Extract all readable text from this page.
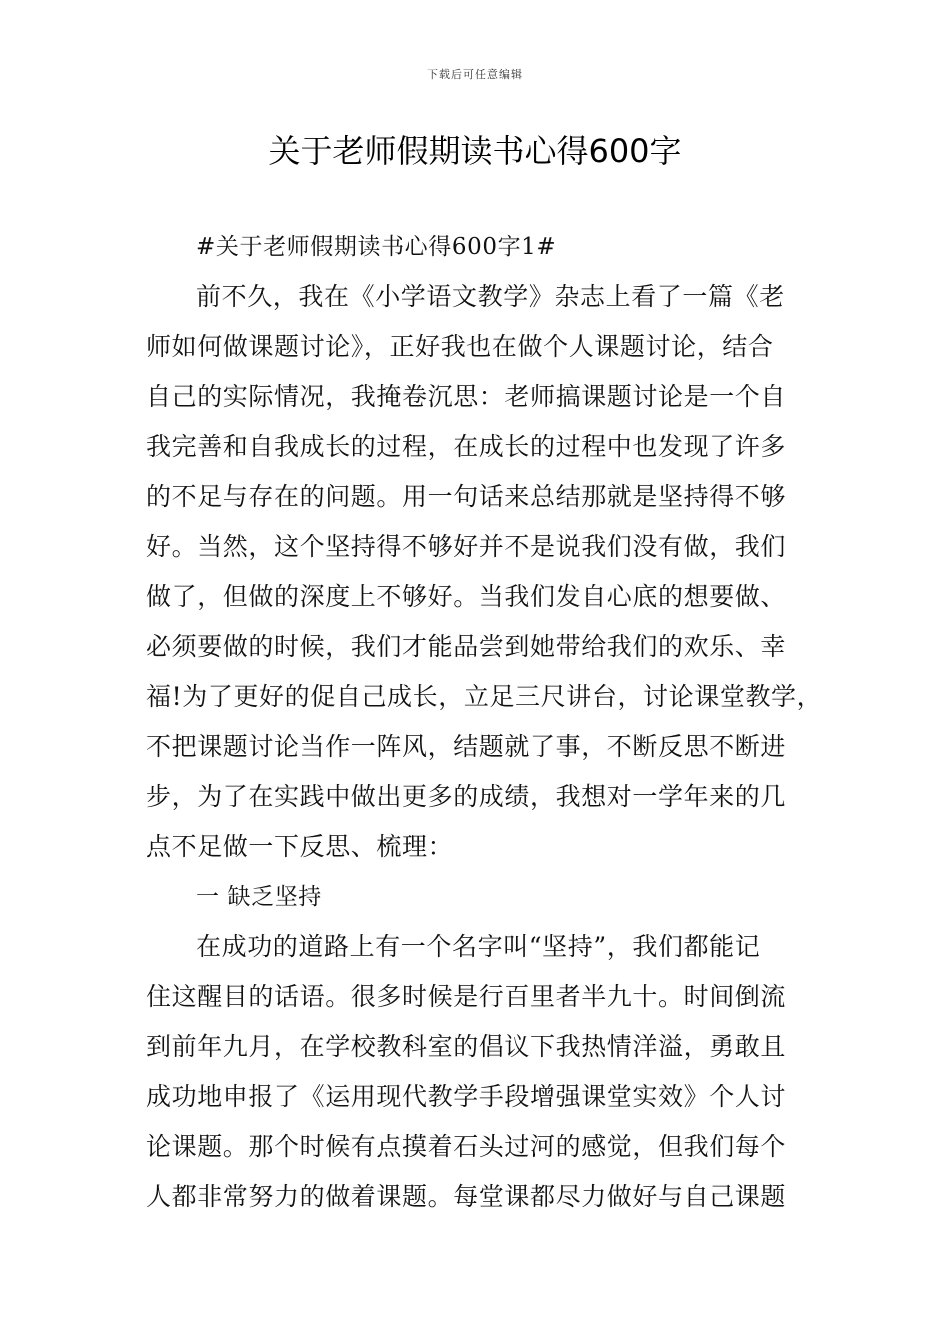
下载后可任意编辑
关于老师假期读书心得600字
#关于老师假期读书心得600字1#
前不久，我在《小学语文教学》杂志上看了一篇《老
师如何做课题讨论》，正好我也在做个人课题讨论，结合
自己的实际情况，我掩卷沉思：老师搞课题讨论是一个自
我完善和自我成长的过程，在成长的过程中也发现了许多
的不足与存在的问题。用一句话来总结那就是坚持得不够
好。当然，这个坚持得不够好并不是说我们没有做，我们
做了，但做的深度上不够好。当我们发自心底的想要做、
必须要做的时候，我们才能品尝到她带给我们的欢乐、幸
福!为了更好的促自己成长，立足三尺讲台，讨论课堂教学，
不把课题讨论当作一阵风，结题就了事，不断反思不断进
步，为了在实践中做出更多的成绩，我想对一学年来的几
点不足做一下反思、梳理：
一 缺乏坚持
在成功的道路上有一个名字叫“坚持”，我们都能记
住这醒目的话语。很多时候是行百里者半九十。时间倒流
到前年九月，在学校教科室的倡议下我热情洋溢，勇敢且
成功地申报了《运用现代教学手段增强课堂实效》个人讨
论课题。那个时候有点摸着石头过河的感觉，但我们每个
人都非常努力的做着课题。每堂课都尽力做好与自己课题
